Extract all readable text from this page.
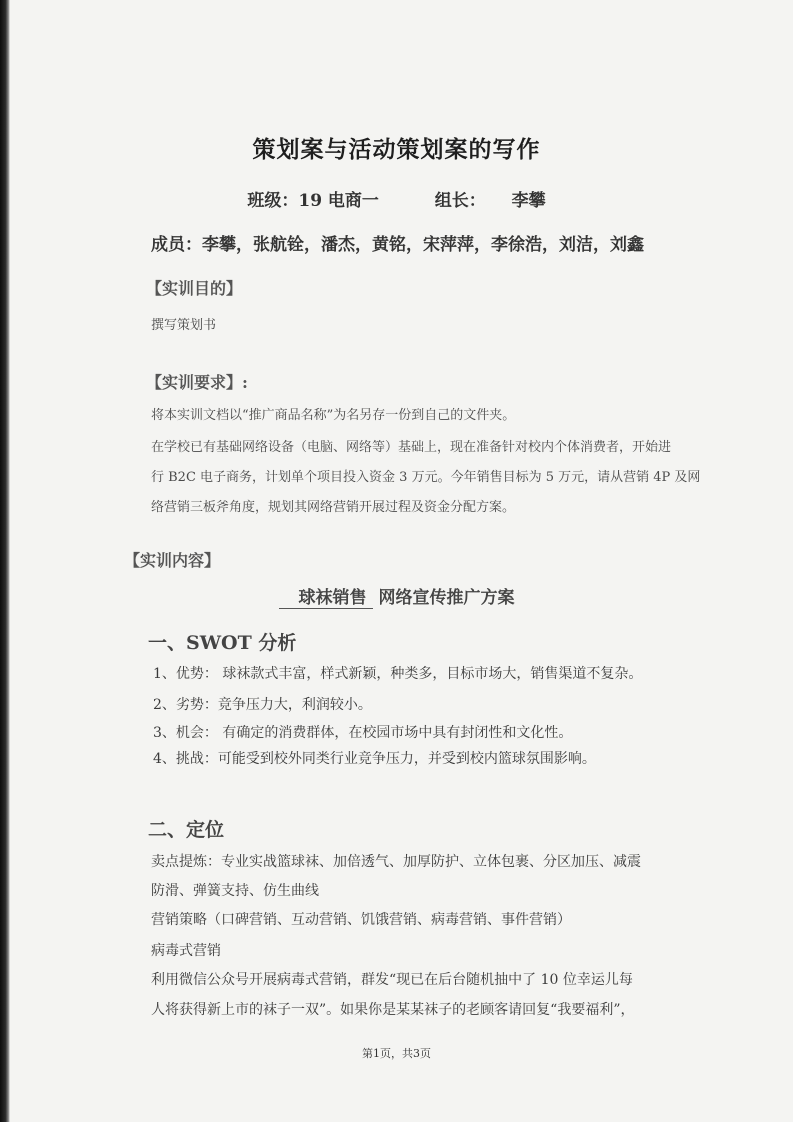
策划案与活动策划案的写作
班级：19 电商一	组长： 李攀
成员：李攀，张航铨，潘杰，黄铭，宋萍萍，李徐浩，刘洁，刘鑫
【实训目的】
撰写策划书
【实训要求】:
将本实训文档以“推广商品名称”为名另存一份到自己的文件夹。
在学校已有基础网络设备（电脑、网络等）基础上，现在准备针对校内个体消费者，开始进
行 B2C 电子商务，计划单个项目投入资金 3 万元。今年销售目标为 5 万元，请从营销 4P 及网
络营销三板斧角度，规划其网络营销开展过程及资金分配方案。
【实训内容】
球袜销售 网络宣传推广方案
一、SWOT 分析
1、优势： 球袜款式丰富，样式新颖，种类多，目标市场大，销售渠道不复杂。
2、劣势：竞争压力大，利润较小。
3、机会： 有确定的消费群体，在校园市场中具有封闭性和文化性。
4、挑战：可能受到校外同类行业竞争压力，并受到校内篮球氛围影响。
二、定位
卖点提炼：专业实战篮球袜、加倍透气、加厚防护、立体包裹、分区加压、减震
防滑、弹簧支持、仿生曲线
营销策略（口碑营销、互动营销、饥饿营销、病毒营销、事件营销）
病毒式营销
利用微信公众号开展病毒式营销，群发“现已在后台随机抽中了 10 位幸运儿每
人将获得新上市的袜子一双”。如果你是某某袜子的老顾客请回复“我要福利”，
第1页，共3页
